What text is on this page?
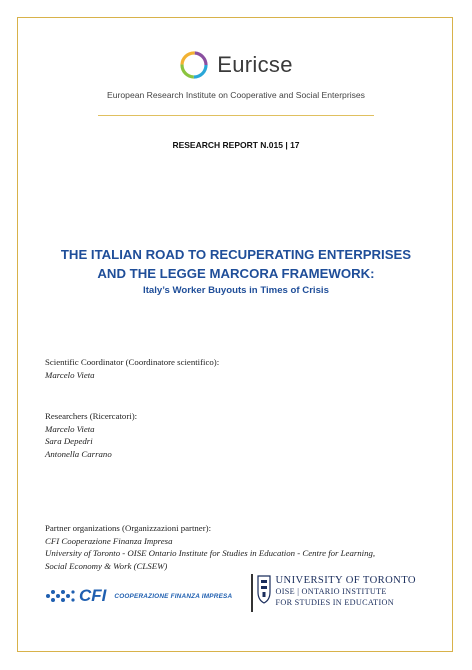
Euricse
European Research Institute on Cooperative and Social Enterprises
RESEARCH REPORT N.015 | 17
THE ITALIAN ROAD TO RECUPERATING ENTERPRISES
AND THE LEGGE MARCORA FRAMEWORK:
Italy’s Worker Buyouts in Times of Crisis
Scientific Coordinator (Coordinatore scientifico):
Marcelo Vieta
Researchers (Ricercatori):
Marcelo Vieta
Sara Depedri
Antonella Carrano
Partner organizations (Organizzazioni partner):
CFI Cooperazione Finanza Impresa
University of Toronto - OISE Ontario Institute for Studies in Education - Centre for Learning,
Social Economy & Work (CLSEW)
CFI COOPERAZIONE FINANZA IMPRESA
UNIVERSITY OF TORONTO
OISE | ONTARIO INSTITUTE
FOR STUDIES IN EDUCATION
